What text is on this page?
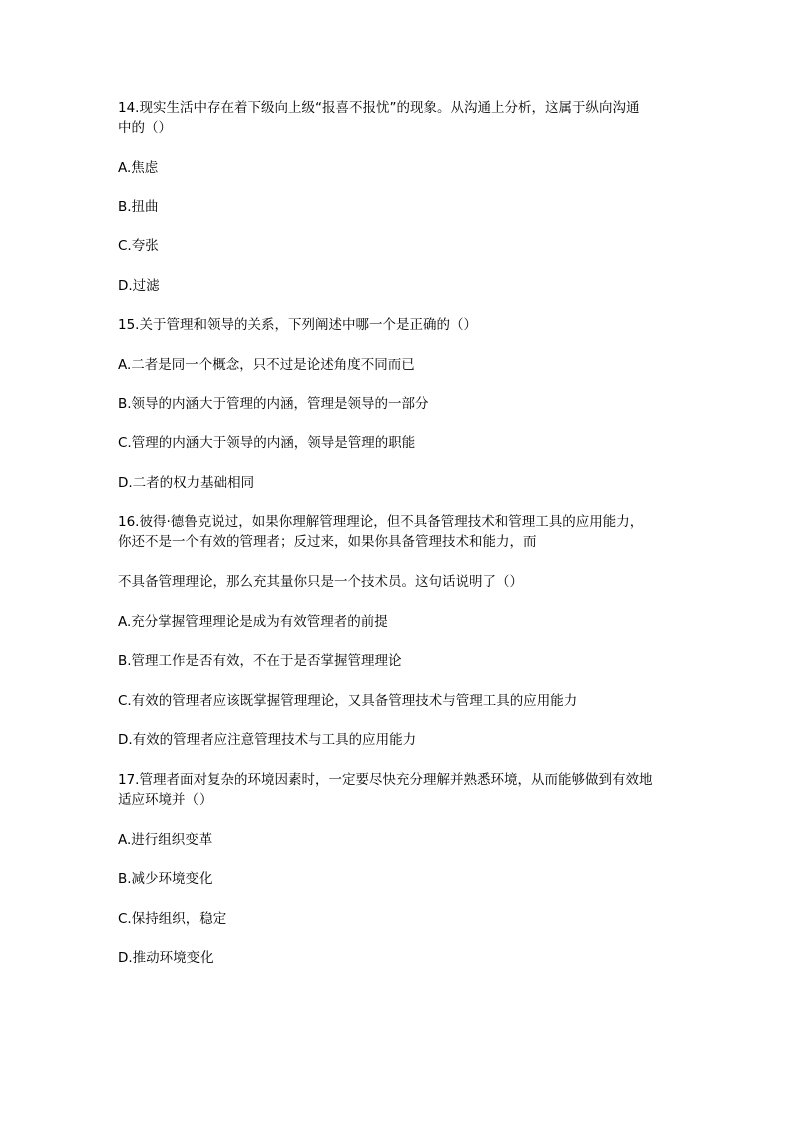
14.现实生活中存在着下级向上级“报喜不报忧”的现象。从沟通上分析，这属于纵向沟通
中的（）
A.焦虑
B.扭曲
C.夸张
D.过滤
15.关于管理和领导的关系，下列阐述中哪一个是正确的（）
A.二者是同一个概念，只不过是论述角度不同而已
B.领导的内涵大于管理的内涵，管理是领导的一部分
C.管理的内涵大于领导的内涵，领导是管理的职能
D.二者的权力基础相同
16.彼得·德鲁克说过，如果你理解管理理论，但不具备管理技术和管理工具的应用能力，
你还不是一个有效的管理者；反过来，如果你具备管理技术和能力，而
不具备管理理论，那么充其量你只是一个技术员。这句话说明了（）
A.充分掌握管理理论是成为有效管理者的前提
B.管理工作是否有效，不在于是否掌握管理理论
C.有效的管理者应该既掌握管理理论，又具备管理技术与管理工具的应用能力
D.有效的管理者应注意管理技术与工具的应用能力
17.管理者面对复杂的环境因素时，一定要尽快充分理解并熟悉环境，从而能够做到有效地
适应环境并（）
A.进行组织变革
B.减少环境变化
C.保持组织，稳定
D.推动环境变化
